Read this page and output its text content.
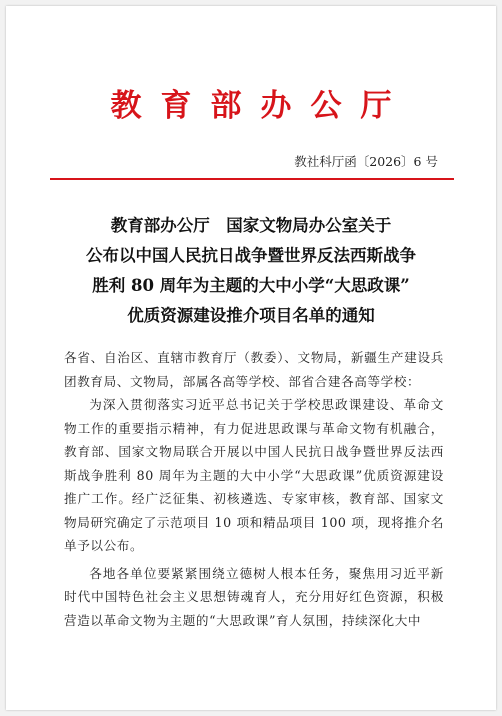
教育部办公厅
教社科厅函〔2026〕6 号
教育部办公厅　国家文物局办公室关于
公布以中国人民抗日战争暨世界反法西斯战争
胜利 80 周年为主题的大中小学“大思政课”
优质资源建设推介项目名单的通知

各省、自治区、直辖市教育厅（教委）、文物局，新疆生产建设兵团教育局、文物局，部属各高等学校、部省合建各高等学校：

为深入贯彻落实习近平总书记关于学校思政课建设、革命文物工作的重要指示精神，有力促进思政课与革命文物有机融合，教育部、国家文物局联合开展以中国人民抗日战争暨世界反法西斯战争胜利 80 周年为主题的大中小学“大思政课”优质资源建设推广工作。经广泛征集、初核遴选、专家审核，教育部、国家文物局研究确定了示范项目 10 项和精品项目 100 项，现将推介名单予以公布。

各地各单位要紧紧围绕立德树人根本任务，聚焦用习近平新时代中国特色社会主义思想铸魂育人，充分用好红色资源，积极营造以革命文物为主题的“大思政课”育人氛围，持续深化大中
